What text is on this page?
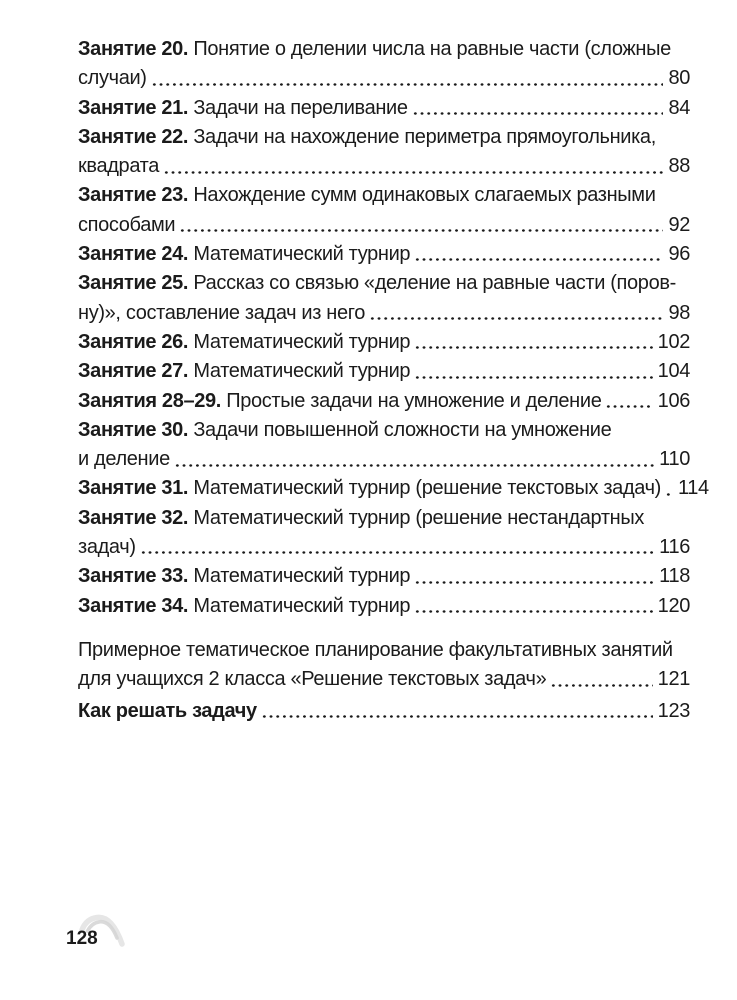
Занятие 20. Понятие о делении числа на равные части (сложные
случаи)	80
Занятие 21. Задачи на переливание	84
Занятие 22. Задачи на нахождение периметра прямоугольника,
квадрата	88
Занятие 23. Нахождение сумм одинаковых слагаемых разными
способами	92
Занятие 24. Математический турнир	96
Занятие 25. Рассказ со связью «деление на равные части (поров-
ну)», составление задач из него	98
Занятие 26. Математический турнир	102
Занятие 27. Математический турнир	104
Занятия 28–29. Простые задачи на умножение и деление	106
Занятие 30. Задачи повышенной сложности на умножение
и деление	110
Занятие 31. Математический турнир (решение текстовых задач) 114
Занятие 32. Математический турнир (решение нестандартных
задач)	116
Занятие 33. Математический турнир	118
Занятие 34. Математический турнир	120
Примерное тематическое планирование факультативных занятий
для учащихся 2 класса «Решение текстовых задач»	121
Как решать задачу	123
128
